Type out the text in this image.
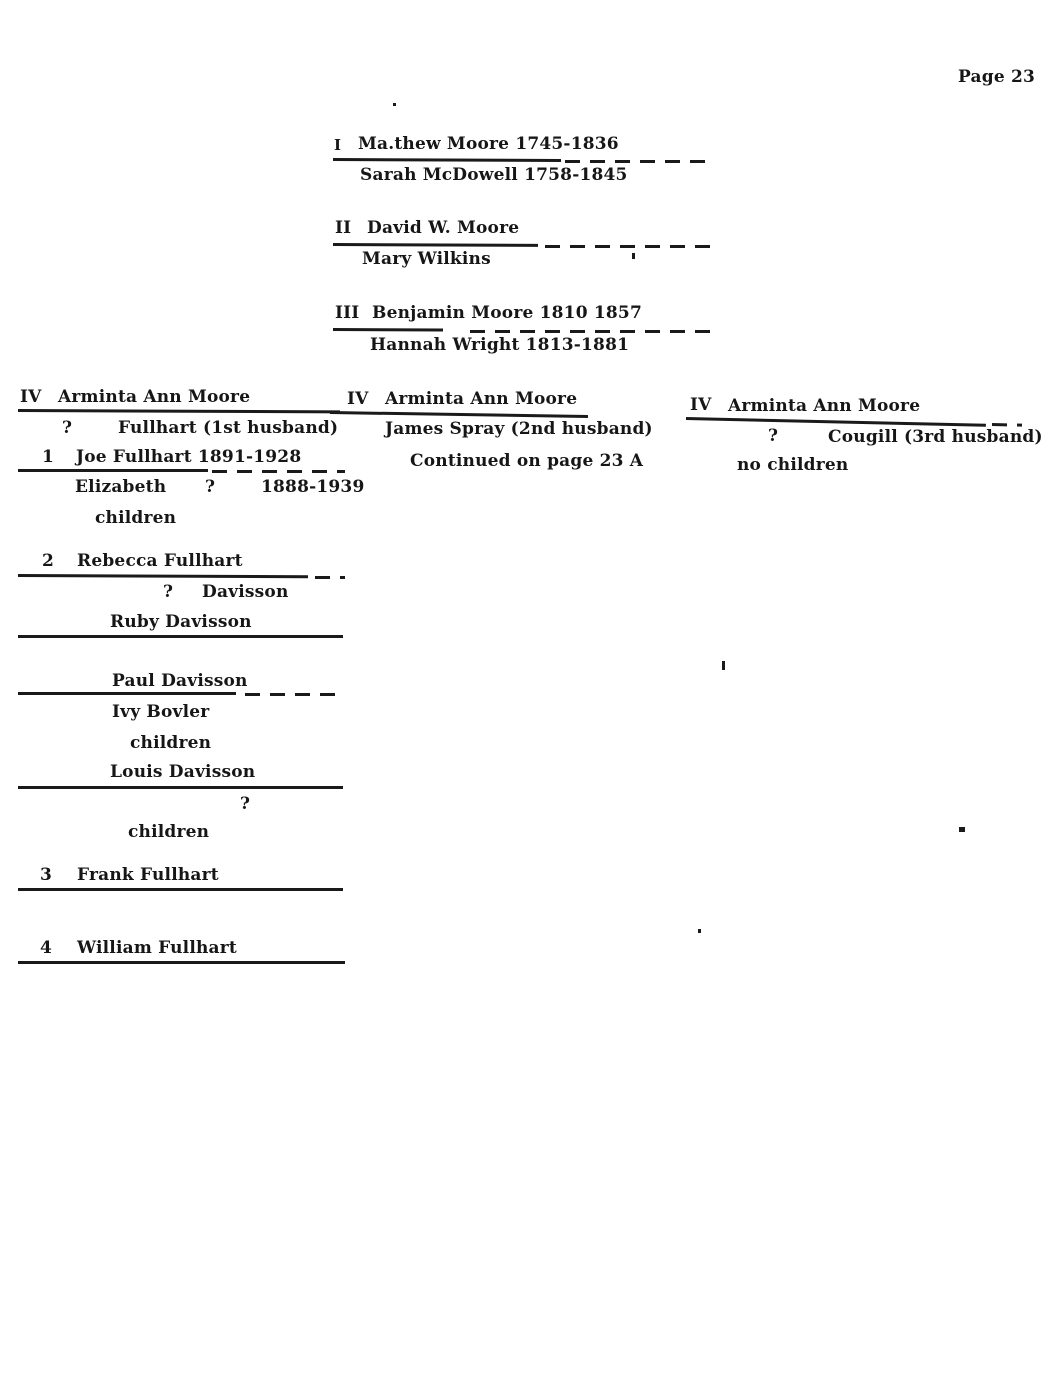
Page 23
I Ma.thew Moore 1745-1836
Sarah McDowell 1758-1845
II David W. Moore
Mary Wilkins
III Benjamin Moore 1810 1857
Hannah Wright 1813-1881
IV Arminta Ann Moore
?	Fullhart (1st husband)
1 Joe Fullhart 1891-1928
Elizabeth ?	1888-1939
children
2 Rebecca Fullhart
? Davisson
Ruby Davisson
Paul Davisson
Ivy Bovler
children
Louis Davisson
?
children
3 Frank Fullhart
4 William Fullhart
IV Arminta Ann Moore
James Spray (2nd husband)
Continued on page 23 A
IV Arminta Ann Moore
?	Cougill (3rd husband)
no children
